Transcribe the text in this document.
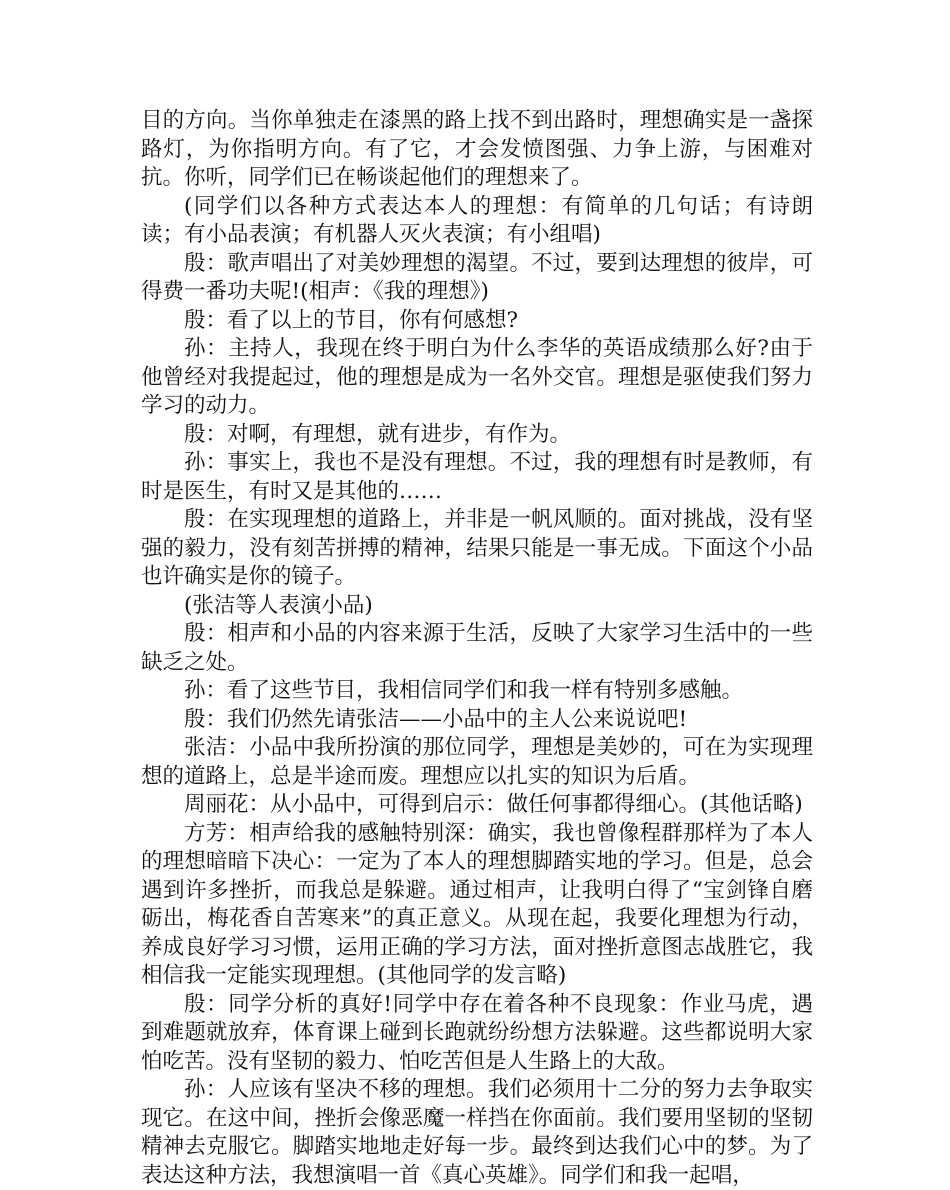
目的方向。当你单独走在漆黑的路上找不到出路时，理想确实是一盏探路灯，为你指明方向。有了它，才会发愤图强、力争上游，与困难对抗。你听，同学们已在畅谈起他们的理想来了。

(同学们以各种方式表达本人的理想：有简单的几句话；有诗朗读；有小品表演；有机器人灭火表演；有小组唱)

殷：歌声唱出了对美妙理想的渴望。不过，要到达理想的彼岸，可得费一番功夫呢!(相声：《我的理想》)

殷：看了以上的节目，你有何感想?

孙：主持人，我现在终于明白为什么李华的英语成绩那么好?由于他曾经对我提起过，他的理想是成为一名外交官。理想是驱使我们努力学习的动力。

殷：对啊，有理想，就有进步，有作为。

孙：事实上，我也不是没有理想。不过，我的理想有时是教师，有时是医生，有时又是其他的……

殷：在实现理想的道路上，并非是一帆风顺的。面对挑战，没有坚强的毅力，没有刻苦拼搏的精神，结果只能是一事无成。下面这个小品也许确实是你的镜子。

(张洁等人表演小品)

殷：相声和小品的内容来源于生活，反映了大家学习生活中的一些缺乏之处。

孙：看了这些节目，我相信同学们和我一样有特别多感触。

殷：我们仍然先请张洁——小品中的主人公来说说吧!

张洁：小品中我所扮演的那位同学，理想是美妙的，可在为实现理想的道路上，总是半途而废。理想应以扎实的知识为后盾。

周丽花：从小品中，可得到启示：做任何事都得细心。(其他话略)

方芳：相声给我的感触特别深：确实，我也曾像程群那样为了本人的理想暗暗下决心：一定为了本人的理想脚踏实地的学习。但是，总会遇到许多挫折，而我总是躲避。通过相声，让我明白得了“宝剑锋自磨砺出，梅花香自苦寒来”的真正意义。从现在起，我要化理想为行动，养成良好学习习惯，运用正确的学习方法，面对挫折意图志战胜它，我相信我一定能实现理想。(其他同学的发言略)

殷：同学分析的真好!同学中存在着各种不良现象：作业马虎，遇到难题就放弃，体育课上碰到长跑就纷纷想方法躲避。这些都说明大家怕吃苦。没有坚韧的毅力、怕吃苦但是人生路上的大敌。

孙：人应该有坚决不移的理想。我们必须用十二分的努力去争取实现它。在这中间，挫折会像恶魔一样挡在你面前。我们要用坚韧的坚韧精神去克服它。脚踏实地地走好每一步。最终到达我们心中的梦。为了表达这种方法，我想演唱一首《真心英雄》。同学们和我一起唱，
